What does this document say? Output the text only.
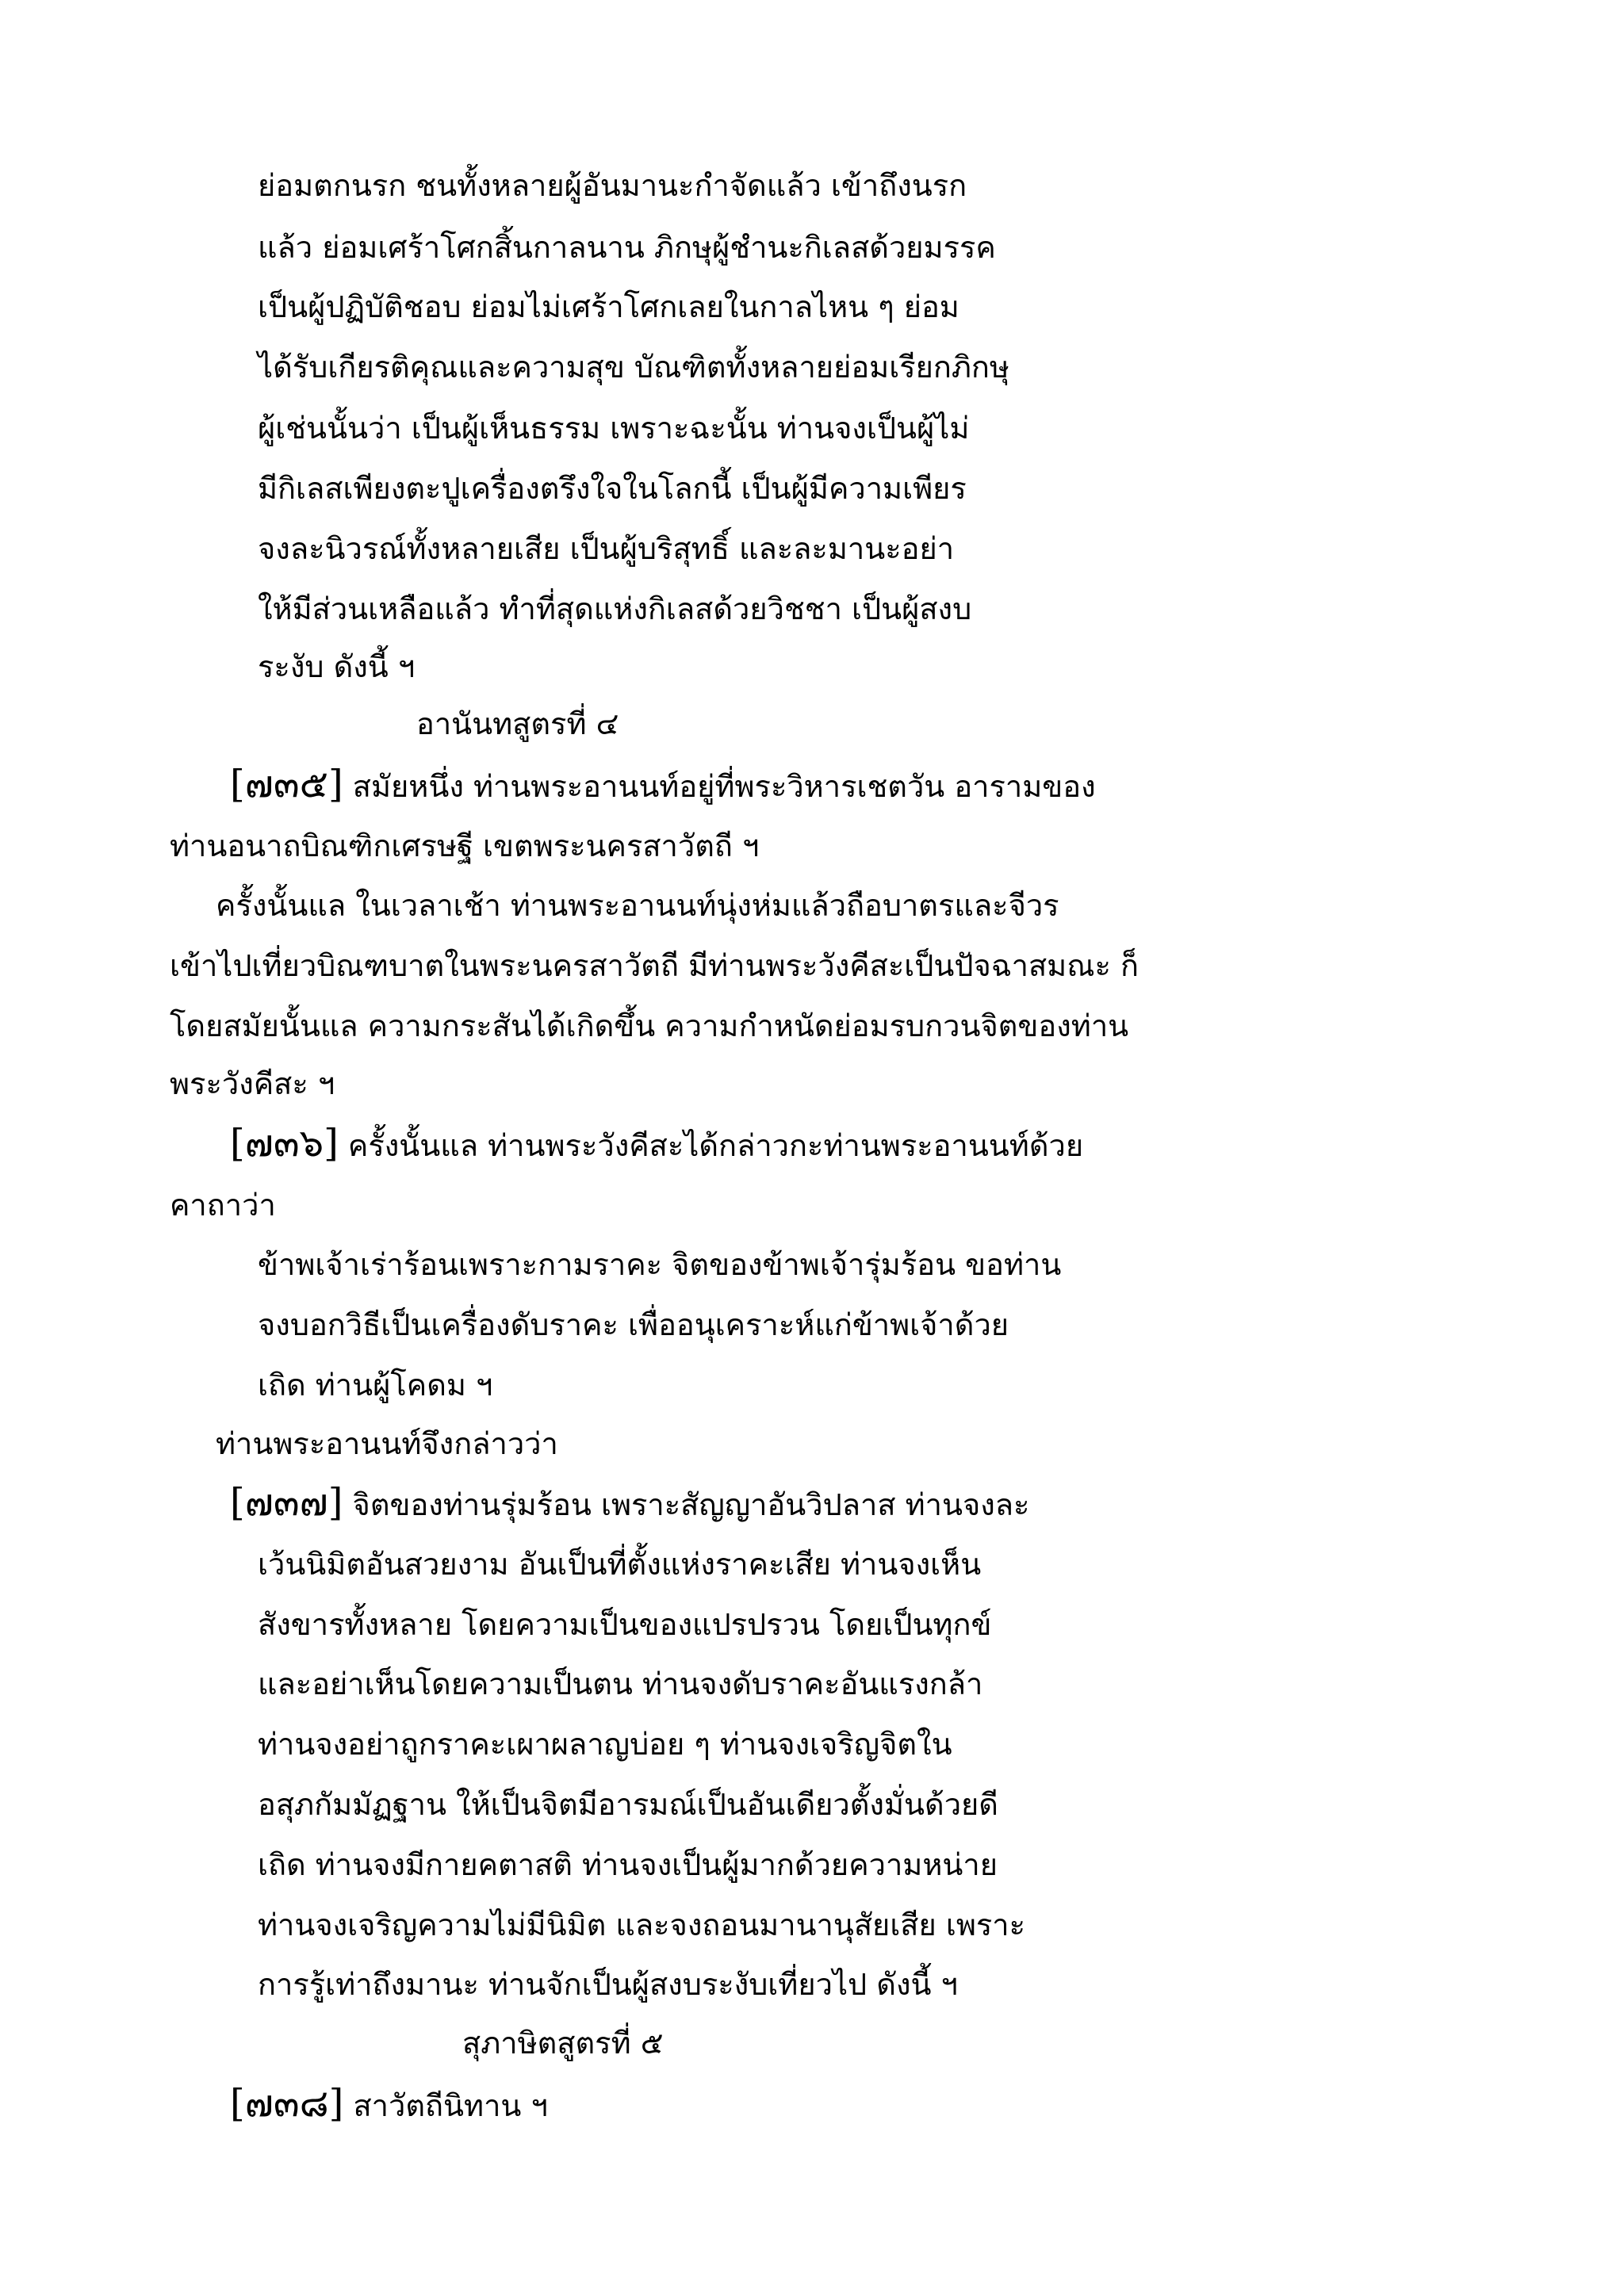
ย่อมตกนรก ชนทั้งหลายผู้อันมานะกำจัดแล้ว เข้าถึงนรก
แล้ว ย่อมเศร้าโศกสิ้นกาลนาน ภิกษุผู้ชำนะกิเลสด้วยมรรค
เป็นผู้ปฏิบัติชอบ ย่อมไม่เศร้าโศกเลยในกาลไหน ๆ ย่อม
ได้รับเกียรติคุณและความสุข บัณฑิตทั้งหลายย่อมเรียกภิกษุ
ผู้เช่นนั้นว่า เป็นผู้เห็นธรรม เพราะฉะนั้น ท่านจงเป็นผู้ไม่
มีกิเลสเพียงตะปูเครื่องตรึงใจในโลกนี้ เป็นผู้มีความเพียร
จงละนิวรณ์ทั้งหลายเสีย เป็นผู้บริสุทธิ์ และละมานะอย่า
ให้มีส่วนเหลือแล้ว ทำที่สุดแห่งกิเลสด้วยวิชชา เป็นผู้สงบ
ระงับ ดังนี้ ฯ
อานันทสูตรที่ ๔
[๗๓๕] สมัยหนึ่ง ท่านพระอานนท์อยู่ที่พระวิหารเชตวัน อารามของ
ท่านอนาถบิณฑิกเศรษฐี เขตพระนครสาวัตถี ฯ
ครั้งนั้นแล ในเวลาเช้า ท่านพระอานนท์นุ่งห่มแล้วถือบาตรและจีวร
เข้าไปเที่ยวบิณฑบาตในพระนครสาวัตถี มีท่านพระวังคีสะเป็นปัจฉาสมณะ ก็
โดยสมัยนั้นแล ความกระสันได้เกิดขึ้น ความกำหนัดย่อมรบกวนจิตของท่าน
พระวังคีสะ ฯ
[๗๓๖] ครั้งนั้นแล ท่านพระวังคีสะได้กล่าวกะท่านพระอานนท์ด้วย
คาถาว่า
ข้าพเจ้าเร่าร้อนเพราะกามราคะ จิตของข้าพเจ้ารุ่มร้อน ขอท่าน
จงบอกวิธีเป็นเครื่องดับราคะ เพื่ออนุเคราะห์แก่ข้าพเจ้าด้วย
เถิด ท่านผู้โคดม ฯ
ท่านพระอานนท์จึงกล่าวว่า
[๗๓๗] จิตของท่านรุ่มร้อน เพราะสัญญาอันวิปลาส ท่านจงละ
เว้นนิมิตอันสวยงาม อันเป็นที่ตั้งแห่งราคะเสีย ท่านจงเห็น
สังขารทั้งหลาย โดยความเป็นของแปรปรวน โดยเป็นทุกข์
และอย่าเห็นโดยความเป็นตน ท่านจงดับราคะอันแรงกล้า
ท่านจงอย่าถูกราคะเผาผลาญบ่อย ๆ ท่านจงเจริญจิตใน
อสุภกัมมัฏฐาน ให้เป็นจิตมีอารมณ์เป็นอันเดียวตั้งมั่นด้วยดี
เถิด ท่านจงมีกายคตาสติ ท่านจงเป็นผู้มากด้วยความหน่าย
ท่านจงเจริญความไม่มีนิมิต และจงถอนมานานุสัยเสีย เพราะ
การรู้เท่าถึงมานะ ท่านจักเป็นผู้สงบระงับเที่ยวไป ดังนี้ ฯ
สุภาษิตสูตรที่ ๕
[๗๓๘] สาวัตถีนิทาน ฯ
